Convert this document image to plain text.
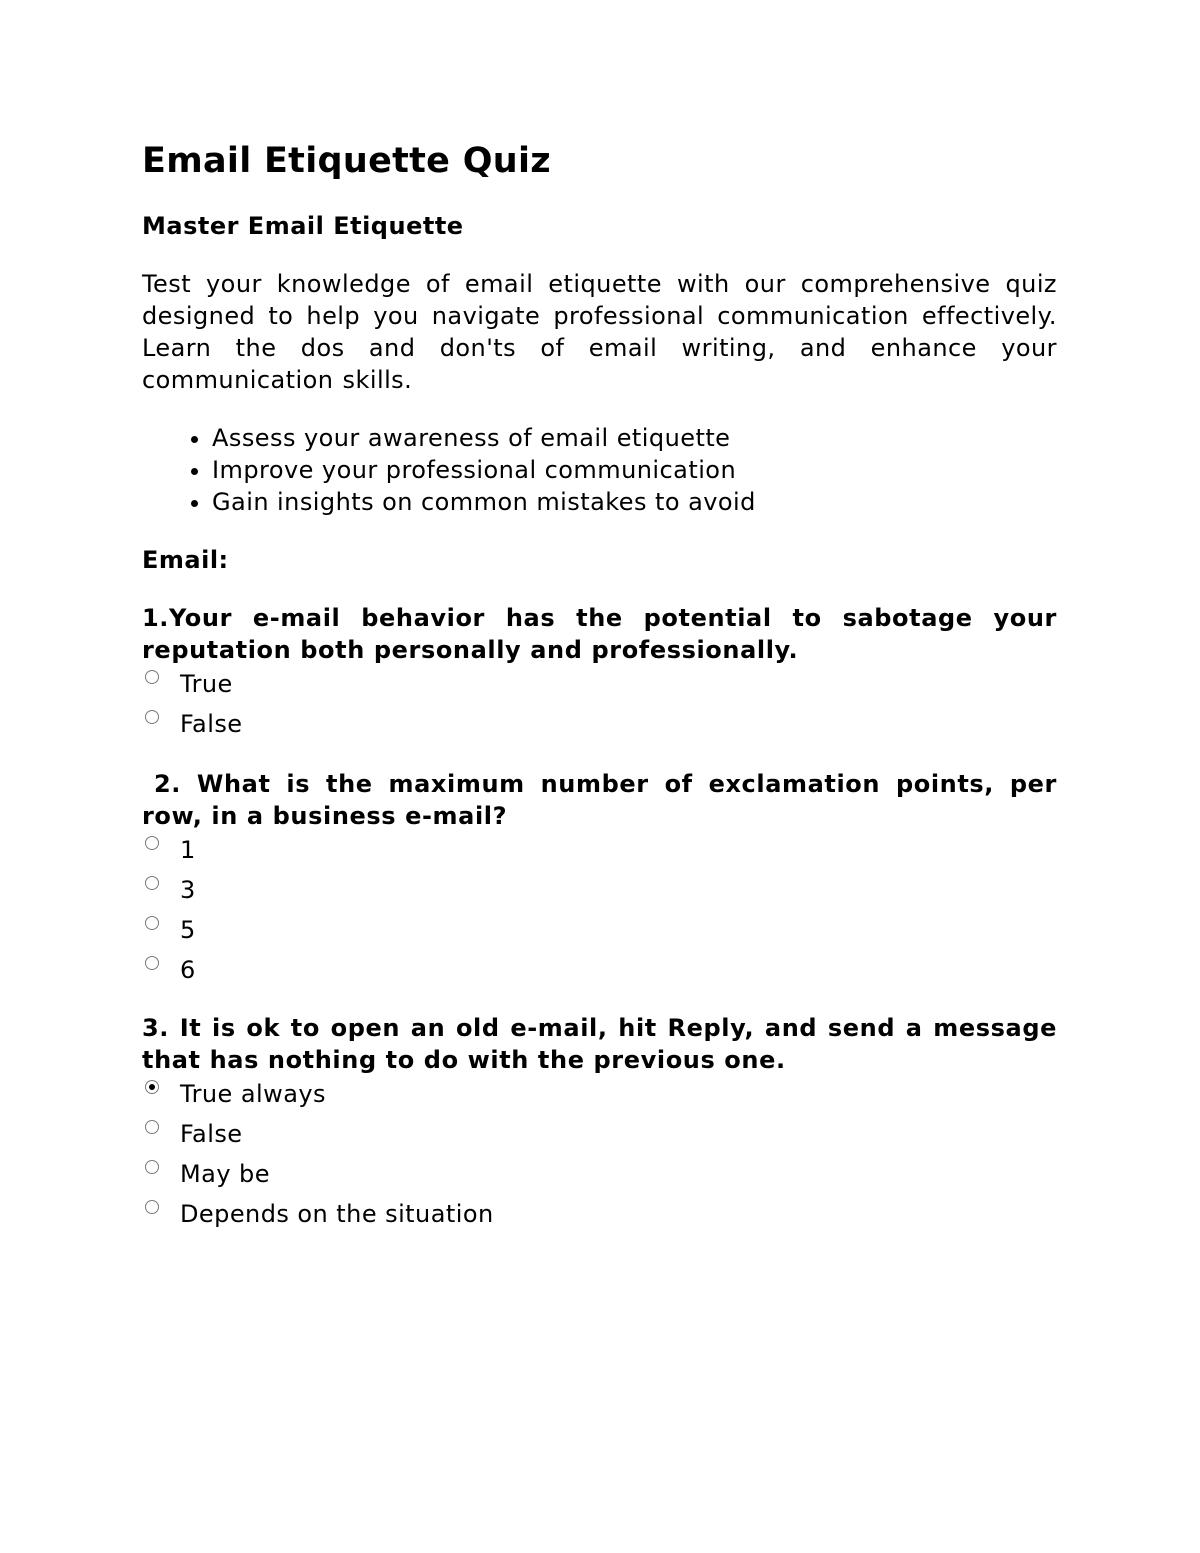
Email Etiquette Quiz
Master Email Etiquette

Test your knowledge of email etiquette with our comprehensive quiz designed to help you navigate professional communication effectively. Learn the dos and don'ts of email writing, and enhance your communication skills.

• Assess your awareness of email etiquette
• Improve your professional communication
• Gain insights on common mistakes to avoid
Email:

1.Your e-mail behavior has the potential to sabotage your reputation both personally and professionally.

True
False

2. What is the maximum number of exclamation points, per row, in a business e-mail?

1
3
5
6

3. It is ok to open an old e-mail, hit Reply, and send a message that has nothing to do with the previous one.

True always
False
May be
Depends on the situation
